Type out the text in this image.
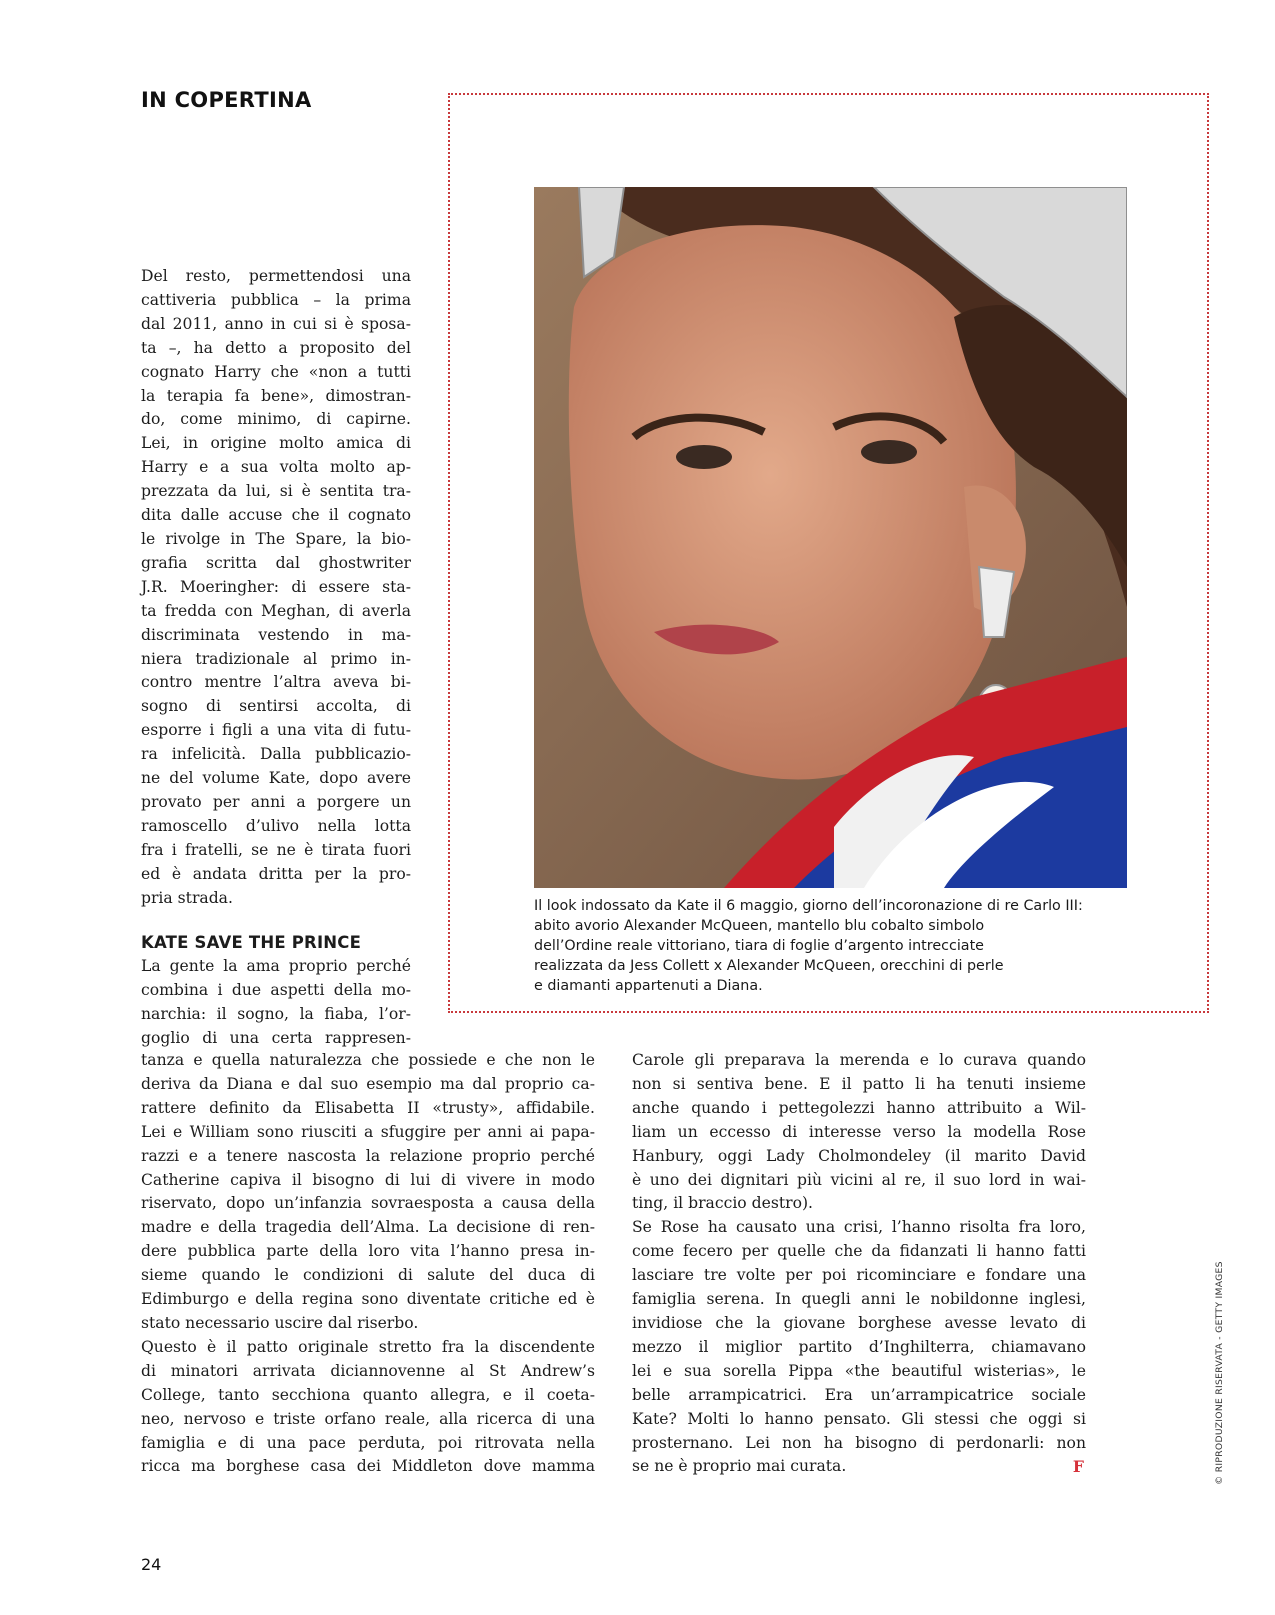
IN COPERTINA

Il look indossato da Kate il 6 maggio, giorno dell’incoronazione di re Carlo III:

abito avorio Alexander McQueen, mantello blu cobalto simbolo

dell’Ordine reale vittoriano, tiara di foglie d’argento intrecciate

realizzata da Jess Collett x Alexander McQueen, orecchini di perle

e diamanti appartenuti a Diana.

Del resto, permettendosi una

cattiveria pubblica – la prima

dal 2011, anno in cui si è sposa-

ta –, ha detto a proposito del

cognato Harry che «non a tutti

la terapia fa bene», dimostran-

do, come minimo, di capirne.

Lei, in origine molto amica di

Harry e a sua volta molto ap-

prezzata da lui, si è sentita tra-

dita dalle accuse che il cognato

le rivolge in The Spare, la bio-

grafia scritta dal ghostwriter

J.R. Moeringher: di essere sta-

ta fredda con Meghan, di averla

discriminata vestendo in ma-

niera tradizionale al primo in-

contro mentre l’altra aveva bi-

sogno di sentirsi accolta, di

esporre i figli a una vita di futu-

ra infelicità. Dalla pubblicazio-

ne del volume Kate, dopo avere

provato per anni a porgere un

ramoscello d’ulivo nella lotta

fra i fratelli, se ne è tirata fuori

ed è andata dritta per la pro-

pria strada.

KATE SAVE THE PRINCE

La gente la ama proprio perché

combina i due aspetti della mo-

narchia: il sogno, la fiaba, l’or-

goglio di una certa rappresen-

tanza e quella naturalezza che possiede e che non le

deriva da Diana e dal suo esempio ma dal proprio ca-

rattere definito da Elisabetta II «trusty», affidabile.

Lei e William sono riusciti a sfuggire per anni ai papa-

razzi e a tenere nascosta la relazione proprio perché

Catherine capiva il bisogno di lui di vivere in modo

riservato, dopo un’infanzia sovraesposta a causa della

madre e della tragedia dell’Alma. La decisione di ren-

dere pubblica parte della loro vita l’hanno presa in-

sieme quando le condizioni di salute del duca di

Edimburgo e della regina sono diventate critiche ed è

stato necessario uscire dal riserbo.

Questo è il patto originale stretto fra la discendente

di minatori arrivata diciannovenne al St Andrew’s

College, tanto secchiona quanto allegra, e il coeta-

neo, nervoso e triste orfano reale, alla ricerca di una

famiglia e di una pace perduta, poi ritrovata nella

ricca ma borghese casa dei Middleton dove mamma

Carole gli preparava la merenda e lo curava quando

non si sentiva bene. E il patto li ha tenuti insieme

anche quando i pettegolezzi hanno attribuito a Wil-

liam un eccesso di interesse verso la modella Rose

Hanbury, oggi Lady Cholmondeley (il marito David

è uno dei dignitari più vicini al re, il suo lord in wai-

ting, il braccio destro).

Se Rose ha causato una crisi, l’hanno risolta fra loro,

come fecero per quelle che da fidanzati li hanno fatti

lasciare tre volte per poi ricominciare e fondare una

famiglia serena. In quegli anni le nobildonne inglesi,

invidiose che la giovane borghese avesse levato di

mezzo il miglior partito d’Inghilterra, chiamavano

lei e sua sorella Pippa «the beautiful wisterias», le

belle arrampicatrici. Era un’arrampicatrice sociale

Kate? Molti lo hanno pensato. Gli stessi che oggi si

prosternano. Lei non ha bisogno di perdonarli: non

se ne è proprio mai curata.	F	© RIPRODUZIONE RISERVATA - GETTY IMAGES
24
